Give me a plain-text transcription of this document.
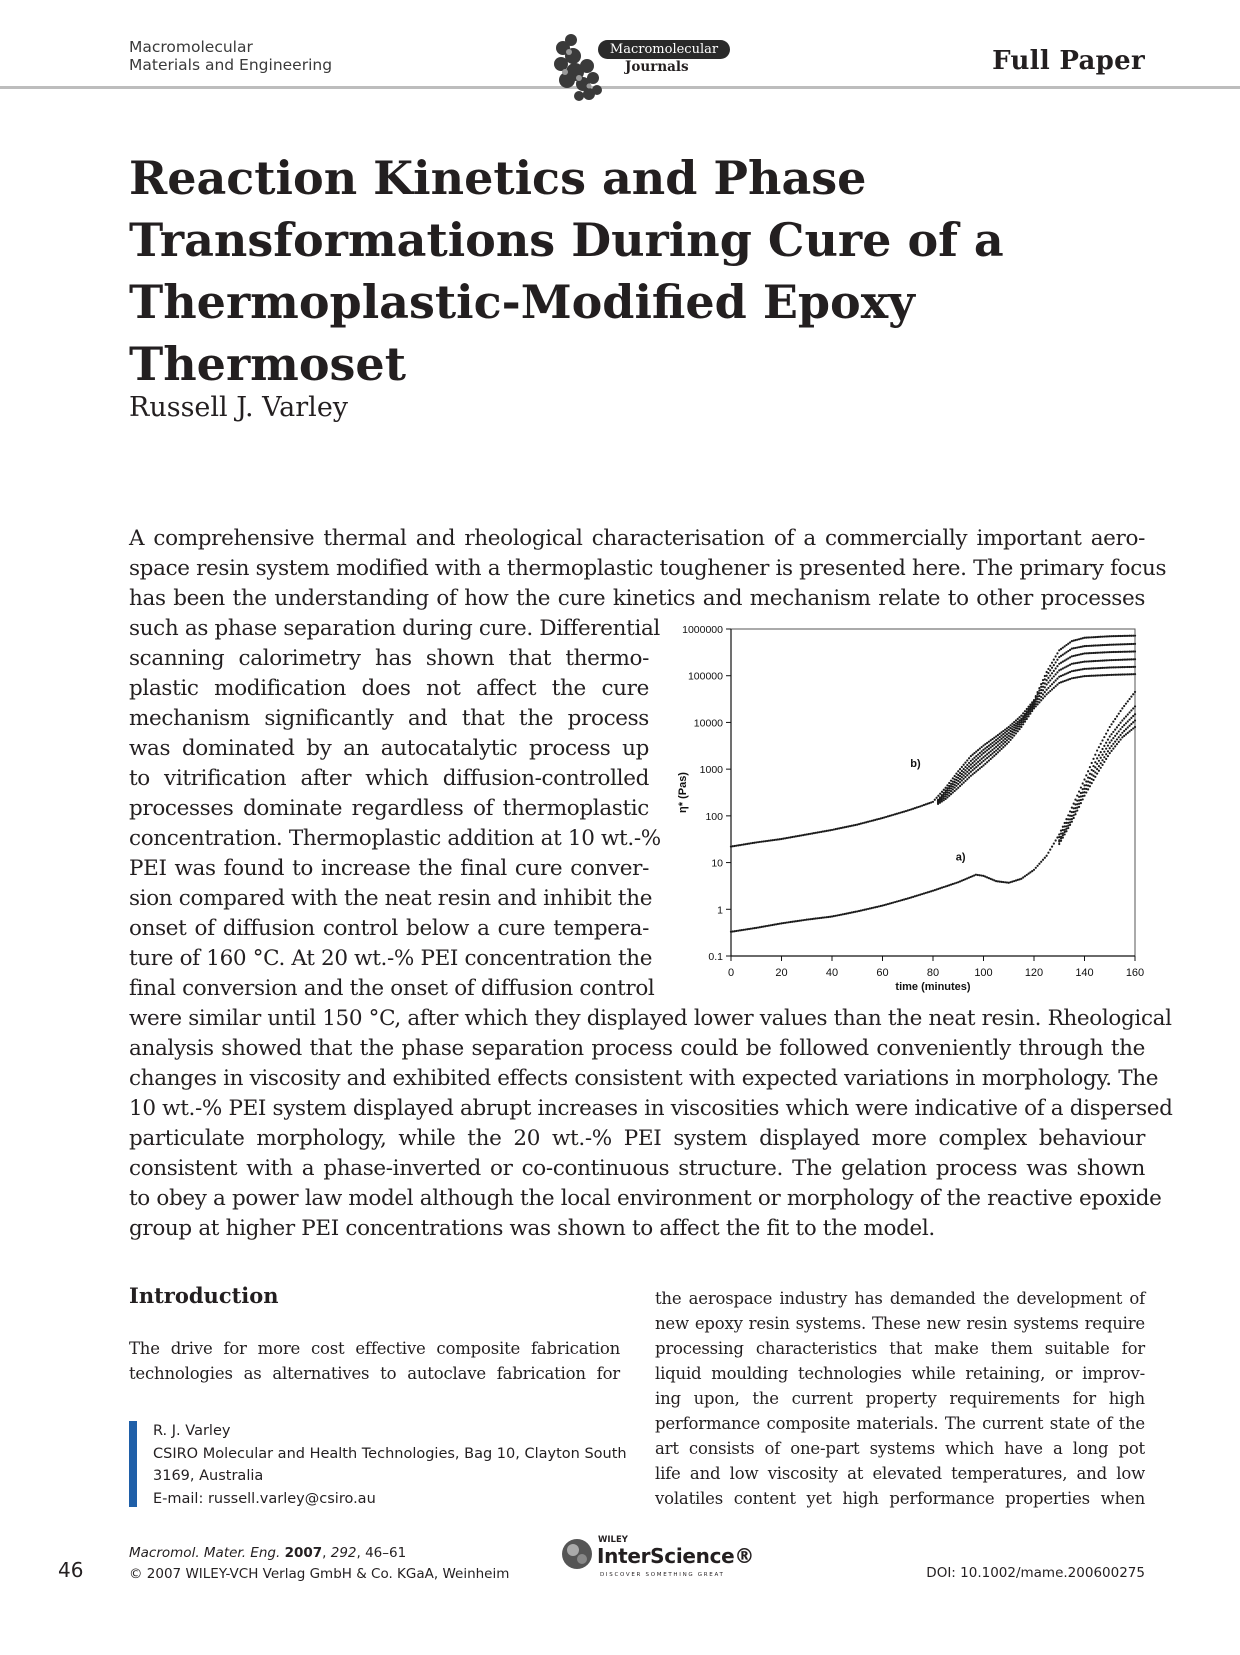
Macromolecular
Materials and Engineering
Macromolecular
Journals	Full Paper
Reaction Kinetics and Phase Transformations During Cure of a Thermoplastic-Modified Epoxy Thermoset
Russell J. Varley
A comprehensive thermal and rheological characterisation of a commercially important aero-
space resin system modified with a thermoplastic toughener is presented here. The primary focus
has been the understanding of how the cure kinetics and mechanism relate to other processes
such as phase separation during cure. Differential
scanning calorimetry has shown that thermo-
plastic modification does not affect the cure
mechanism significantly and that the process
was dominated by an autocatalytic process up
to vitrification after which diffusion-controlled
processes dominate regardless of thermoplastic
concentration. Thermoplastic addition at 10 wt.-%
PEI was found to increase the final cure conver-
sion compared with the neat resin and inhibit the
onset of diffusion control below a cure tempera-
ture of 160 °C. At 20 wt.-% PEI concentration the
final conversion and the onset of diffusion control
were similar until 150 °C, after which they displayed lower values than the neat resin. Rheological
analysis showed that the phase separation process could be followed conveniently through the
changes in viscosity and exhibited effects consistent with expected variations in morphology. The
10 wt.-% PEI system displayed abrupt increases in viscosities which were indicative of a dispersed
particulate morphology, while the 20 wt.-% PEI system displayed more complex behaviour
consistent with a phase-inverted or co-continuous structure. The gelation process was shown
to obey a power law model although the local environment or morphology of the reactive epoxide
group at higher PEI concentrations was shown to affect the fit to the model.
0	20	40	60	80	100	120	140	160
0.1
1
10
100
1000
10000
100000
1000000
time (minutes)
η* (Pas)
a)
b)
Introduction
The drive for more cost effective composite fabrication
technologies as alternatives to autoclave fabrication for
the aerospace industry has demanded the development of
new epoxy resin systems. These new resin systems require
processing characteristics that make them suitable for
liquid moulding technologies while retaining, or improv-
ing upon, the current property requirements for high
performance composite materials. The current state of the
art consists of one-part systems which have a long pot
life and low viscosity at elevated temperatures, and low
volatiles content yet high performance properties when
R. J. Varley
CSIRO Molecular and Health Technologies, Bag 10, Clayton South
3169, Australia
E-mail: russell.varley@csiro.au
46
Macromol. Mater. Eng. 2007, 292, 46–61
© 2007 WILEY-VCH Verlag GmbH & Co. KGaA, Weinheim
WILEY
InterScience®
DISCOVER SOMETHING GREAT	DOI: 10.1002/mame.200600275
